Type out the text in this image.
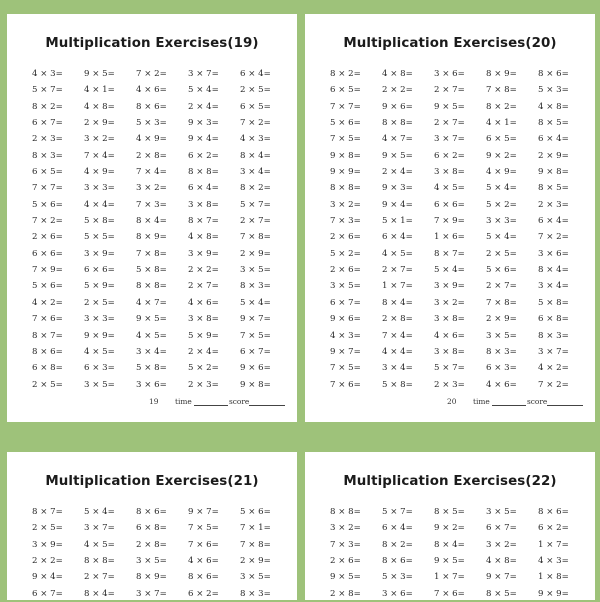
Multiplication Exercises(19)
4 × 3=	9 × 5=	7 × 2=	3 × 7=	6 × 4=
5 × 7=	4 × 1=	4 × 6=	5 × 4=	2 × 5=
8 × 2=	4 × 8=	8 × 6=	2 × 4=	6 × 5=
6 × 7=	2 × 9=	5 × 3=	9 × 3=	7 × 2=
2 × 3=	3 × 2=	4 × 9=	9 × 4=	4 × 3=
8 × 3=	7 × 4=	2 × 8=	6 × 2=	8 × 4=
6 × 5=	4 × 9=	7 × 4=	8 × 8=	3 × 4=
7 × 7=	3 × 3=	3 × 2=	6 × 4=	8 × 2=
5 × 6=	4 × 4=	7 × 3=	3 × 8=	5 × 7=
7 × 2=	5 × 8=	8 × 4=	8 × 7=	2 × 7=
2 × 6=	5 × 5=	8 × 9=	4 × 8=	7 × 8=
6 × 6=	3 × 9=	7 × 8=	3 × 9=	2 × 9=
7 × 9=	6 × 6=	5 × 8=	2 × 2=	3 × 5=
5 × 6=	5 × 9=	8 × 8=	2 × 7=	8 × 3=
4 × 2=	2 × 5=	4 × 7=	4 × 6=	5 × 4=
7 × 6=	3 × 3=	9 × 5=	3 × 8=	9 × 7=
8 × 7=	9 × 9=	4 × 5=	5 × 9=	7 × 5=
8 × 6=	4 × 5=	3 × 4=	2 × 4=	6 × 7=
6 × 8=	6 × 3=	5 × 8=	5 × 2=	9 × 6=
2 × 5=	3 × 5=	3 × 6=	2 × 3=	9 × 8=
19 time	score
Multiplication Exercises(20)
8 × 2=	4 × 8=	3 × 6=	8 × 9=	8 × 6=
6 × 5=	2 × 2=	2 × 7=	7 × 8=	5 × 3=
7 × 7=	9 × 6=	9 × 5=	8 × 2=	4 × 8=
5 × 6=	8 × 8=	2 × 7=	4 × 1=	8 × 5=
7 × 5=	4 × 7=	3 × 7=	6 × 5=	6 × 4=
9 × 8=	9 × 5=	6 × 2=	9 × 2=	2 × 9=
9 × 9=	2 × 4=	3 × 8=	4 × 9=	9 × 8=
8 × 8=	9 × 3=	4 × 5=	5 × 4=	8 × 5=
3 × 2=	9 × 4=	6 × 6=	5 × 2=	2 × 3=
7 × 3=	5 × 1=	7 × 9=	3 × 3=	6 × 4=
2 × 6=	6 × 4=	1 × 6=	5 × 4=	7 × 2=
5 × 2=	4 × 5=	8 × 7=	2 × 5=	3 × 6=
2 × 6=	2 × 7=	5 × 4=	5 × 6=	8 × 4=
3 × 5=	1 × 7=	3 × 9=	2 × 7=	3 × 4=
6 × 7=	8 × 4=	3 × 2=	7 × 8=	5 × 8=
9 × 6=	2 × 8=	3 × 8=	2 × 9=	6 × 8=
4 × 3=	7 × 4=	4 × 6=	3 × 5=	8 × 3=
9 × 7=	4 × 4=	3 × 8=	8 × 3=	3 × 7=
7 × 5=	3 × 4=	5 × 7=	6 × 3=	4 × 2=
7 × 6=	5 × 8=	2 × 3=	4 × 6=	7 × 2=
20 time	score
Multiplication Exercises(21)
8 × 7=	5 × 4=	8 × 6=	9 × 7=	5 × 6=
2 × 5=	3 × 7=	6 × 8=	7 × 5=	7 × 1=
3 × 9=	4 × 5=	2 × 8=	7 × 6=	7 × 8=
2 × 2=	8 × 8=	3 × 5=	4 × 6=	2 × 9=
9 × 4=	2 × 7=	8 × 9=	8 × 6=	3 × 5=
6 × 7=	8 × 4=	3 × 7=	6 × 2=	8 × 3=
Multiplication Exercises(22)
8 × 8=	5 × 7=	8 × 5=	3 × 5=	8 × 6=
3 × 2=	6 × 4=	9 × 2=	6 × 7=	6 × 2=
7 × 3=	8 × 2=	8 × 4=	3 × 2=	1 × 7=
2 × 6=	8 × 6=	9 × 5=	4 × 8=	4 × 3=
9 × 5=	5 × 3=	1 × 7=	9 × 7=	1 × 8=
2 × 8=	3 × 6=	7 × 6=	8 × 5=	9 × 9=
